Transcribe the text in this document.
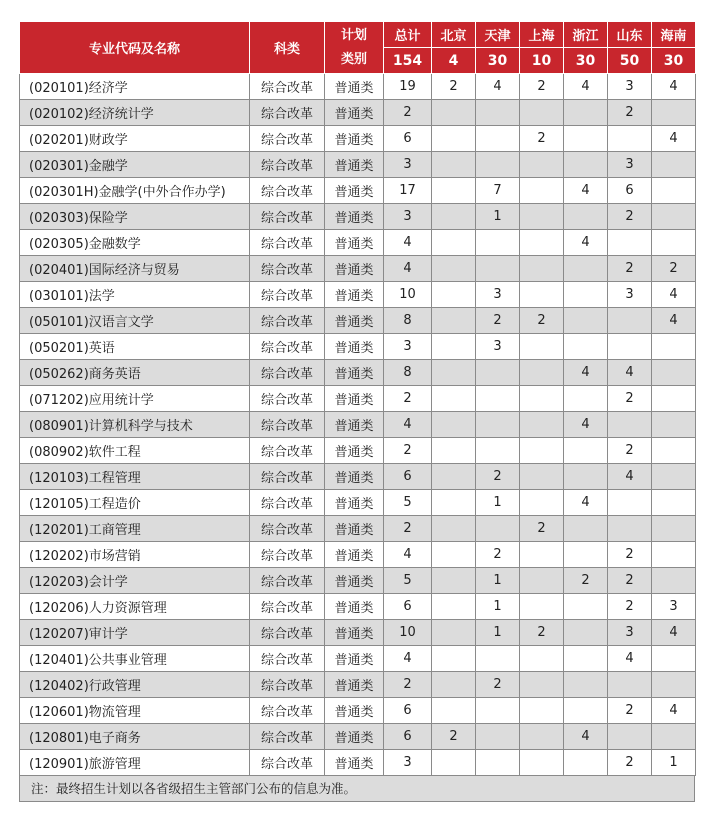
专业代码及名称	科类	计划
类别	总计	北京	天津	上海	浙江	山东	海南
			154	4	30	10	30	50	30
(020101)经济学	综合改革	普通类	19	2	4	2	4	3	4
(020102)经济统计学	综合改革	普通类	2					2	
(020201)财政学	综合改革	普通类	6			2			4
(020301)金融学	综合改革	普通类	3					3	
(020301H)金融学(中外合作办学)	综合改革	普通类	17		7		4	6	
(020303)保险学	综合改革	普通类	3		1			2	
(020305)金融数学	综合改革	普通类	4				4		
(020401)国际经济与贸易	综合改革	普通类	4					2	2
(030101)法学	综合改革	普通类	10		3			3	4
(050101)汉语言文学	综合改革	普通类	8		2	2			4
(050201)英语	综合改革	普通类	3		3				
(050262)商务英语	综合改革	普通类	8				4	4	
(071202)应用统计学	综合改革	普通类	2					2	
(080901)计算机科学与技术	综合改革	普通类	4				4		
(080902)软件工程	综合改革	普通类	2					2	
(120103)工程管理	综合改革	普通类	6		2			4	
(120105)工程造价	综合改革	普通类	5		1		4		
(120201)工商管理	综合改革	普通类	2			2			
(120202)市场营销	综合改革	普通类	4		2			2	
(120203)会计学	综合改革	普通类	5		1		2	2	
(120206)人力资源管理	综合改革	普通类	6		1			2	3
(120207)审计学	综合改革	普通类	10		1	2		3	4
(120401)公共事业管理	综合改革	普通类	4					4	
(120402)行政管理	综合改革	普通类	2		2				
(120601)物流管理	综合改革	普通类	6					2	4
(120801)电子商务	综合改革	普通类	6	2			4		
(120901)旅游管理	综合改革	普通类	3					2	1
注：最终招生计划以各省级招生主管部门公布的信息为准。
